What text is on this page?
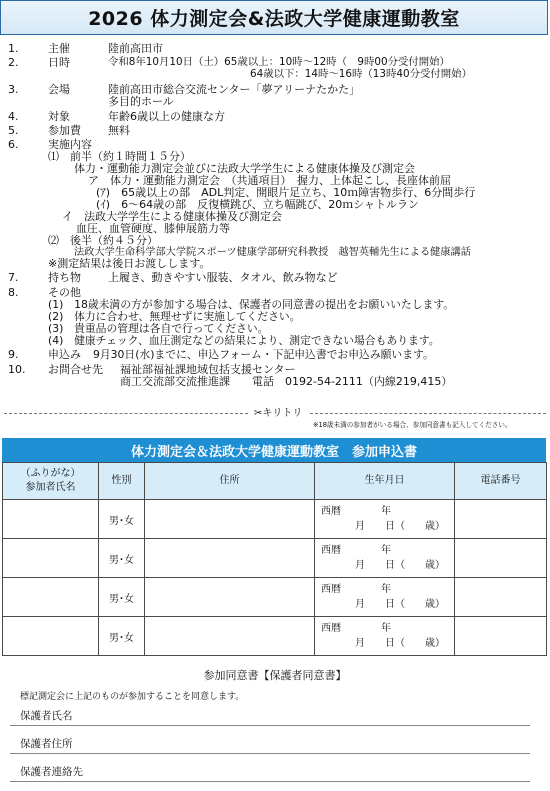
2026 体力測定会&法政大学健康運動教室
1.	主催	陸前高田市
2.	日時	令和8年10月10日（土）65歳以上：10時～12時（　9時00分受付開始）
64歳以下：14時～16時（13時40分受付開始）
3.	会場	陸前高田市総合交流センター「夢アリーナたかた」
多目的ホール
4.	対象	年齢6歳以上の健康な方
5.	参加費 無料
6.	実施内容
⑴　前半（約１時間１５分）
体力・運動能力測定会並びに法政大学学生による健康体操及び測定会
ア　体力・運動能力測定会　（共通項目）　握力、上体起こし、長座体前屈
(ｱ)　65歳以上の部　ADL判定、開眼片足立ち、10ｍ障害物歩行、6分間歩行
(ｲ)　6～64歳の部　反復横跳び、立ち幅跳び、20ｍシャトルラン
イ　法政大学学生による健康体操及び測定会
血圧、血管硬度、膝伸展筋力等
⑵　後半（約４５分）
法政大学生命科学部大学院スポーツ健康学部研究科教授　越智英輔先生による健康講話
※測定結果は後日お渡しします。
7.	持ち物 上履き、動きやすい服装、タオル、飲み物など
8.	その他
(1)　18歳未満の方が参加する場合は、保護者の同意書の提出をお願いいたします。
(2)　体力に合わせ、無理せずに実施してください。
(3)　貴重品の管理は各自で行ってください。
(4)　健康チェック、血圧測定などの結果により、測定できない場合もあります。
9.	申込み 9月30日(水)までに、申込フォーム・下記申込書でお申込み願います。
10. お問合せ先 福祉部福祉課地域包括支援センター
商工交流部交流推進課　　電話　0192-54-2111（内線219,415）
✂キリトリ
※18歳未満の参加者がいる場合、参加同意書も記入してください。
体力測定会＆法政大学健康運動教室　参加申込書
（ふりがな）
参加者氏名	性別	住所	生年月日	電話番号
	男･女		西暦　　　　年
月　　日（　　歳）	

	男･女		西暦　　　　年
月　　日（　　歳）	

	男･女		西暦　　　　年
月　　日（　　歳）	

	男･女		西暦　　　　年
月　　日（　　歳）	

参加同意書【保護者同意書】
標記測定会に上記のものが参加することを同意します。
保護者氏名
保護者住所
保護者連絡先
